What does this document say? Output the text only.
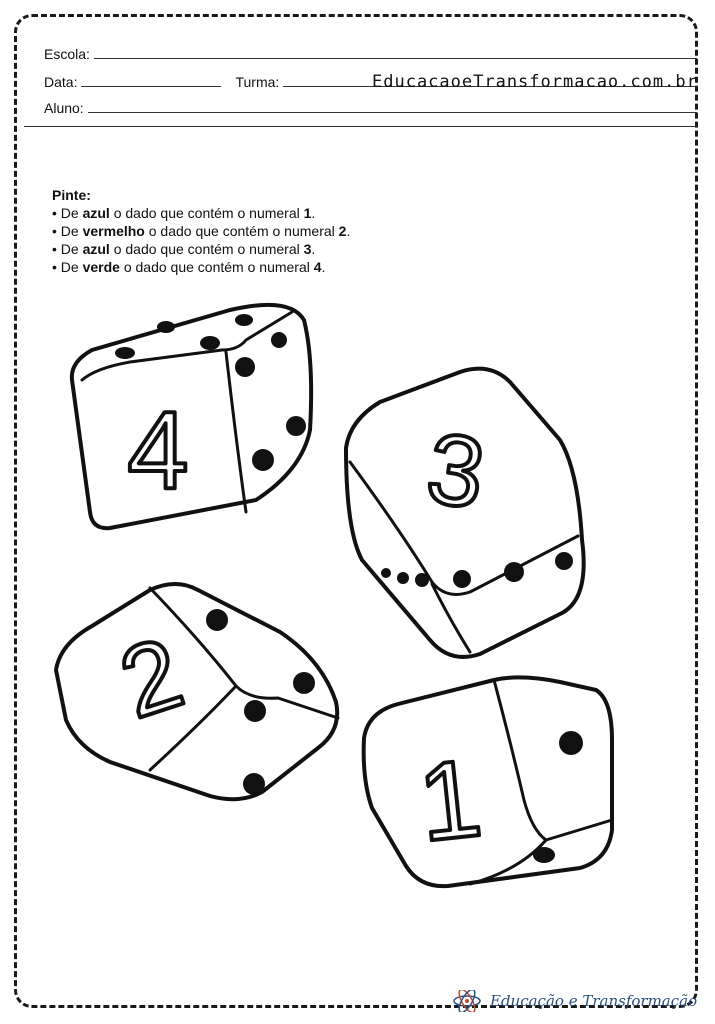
Escola:
Data:	Turma:	EducacaoeTransformacao.com.br
Aluno:
Pinte:
• De azul o dado que contém o numeral 1.
• De vermelho o dado que contém o numeral 2.
• De azul o dado que contém o numeral 3.
• De verde o dado que contém o numeral 4.
4 3
2
1
Educação e Transformação
